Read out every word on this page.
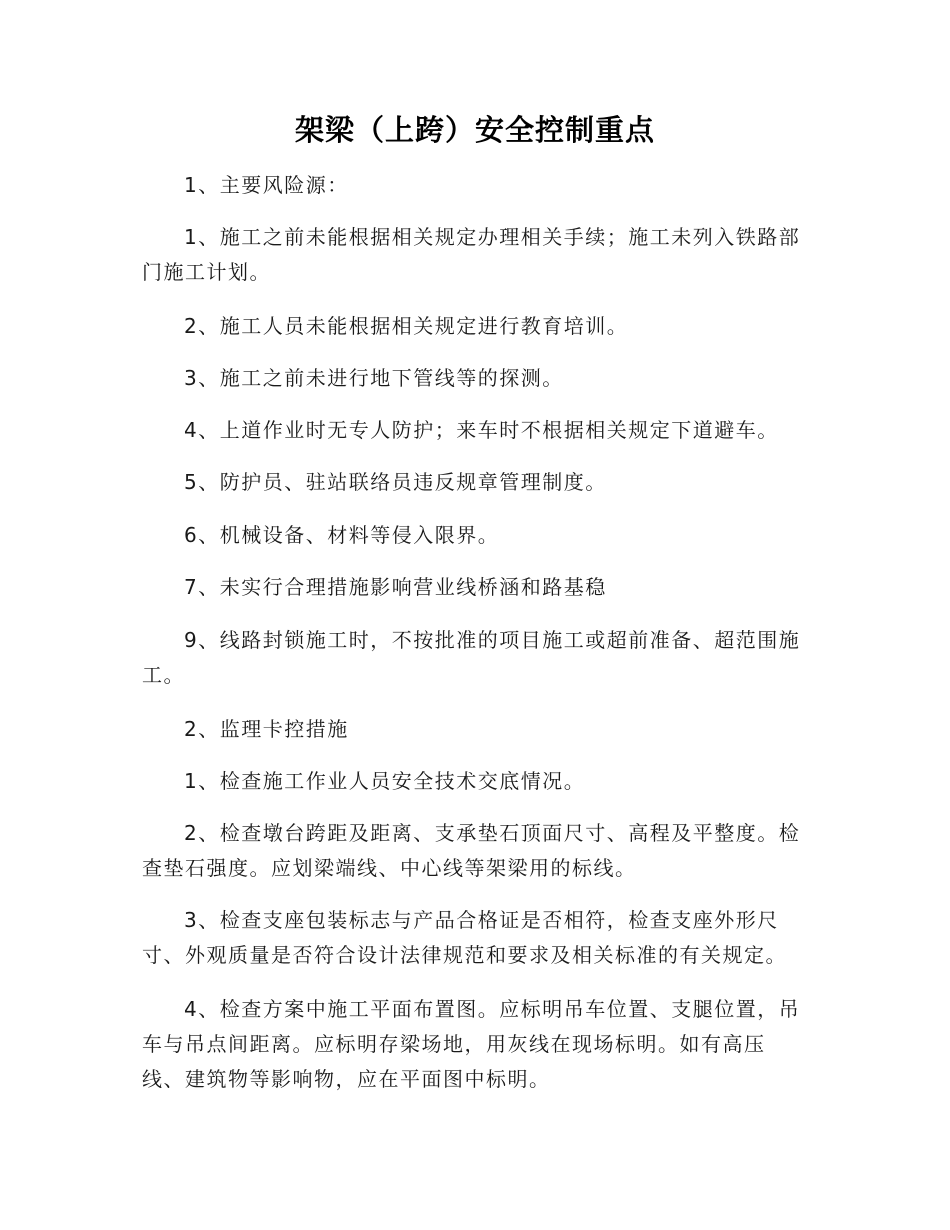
架梁（上跨）安全控制重点

1、主要风险源：

1、施工之前未能根据相关规定办理相关手续；施工未列入铁路部门施工计划。

2、施工人员未能根据相关规定进行教育培训。

3、施工之前未进行地下管线等的探测。

4、上道作业时无专人防护；来车时不根据相关规定下道避车。

5、防护员、驻站联络员违反规章管理制度。

6、机械设备、材料等侵入限界。

7、未实行合理措施影响营业线桥涵和路基稳

9、线路封锁施工时，不按批准的项目施工或超前准备、超范围施工。

2、监理卡控措施

1、检查施工作业人员安全技术交底情况。

2、检查墩台跨距及距离、支承垫石顶面尺寸、高程及平整度。检查垫石强度。应划梁端线、中心线等架梁用的标线。

3、检查支座包装标志与产品合格证是否相符，检查支座外形尺寸、外观质量是否符合设计法律规范和要求及相关标准的有关规定。

4、检查方案中施工平面布置图。应标明吊车位置、支腿位置，吊车与吊点间距离。应标明存梁场地，用灰线在现场标明。如有高压线、建筑物等影响物，应在平面图中标明。
